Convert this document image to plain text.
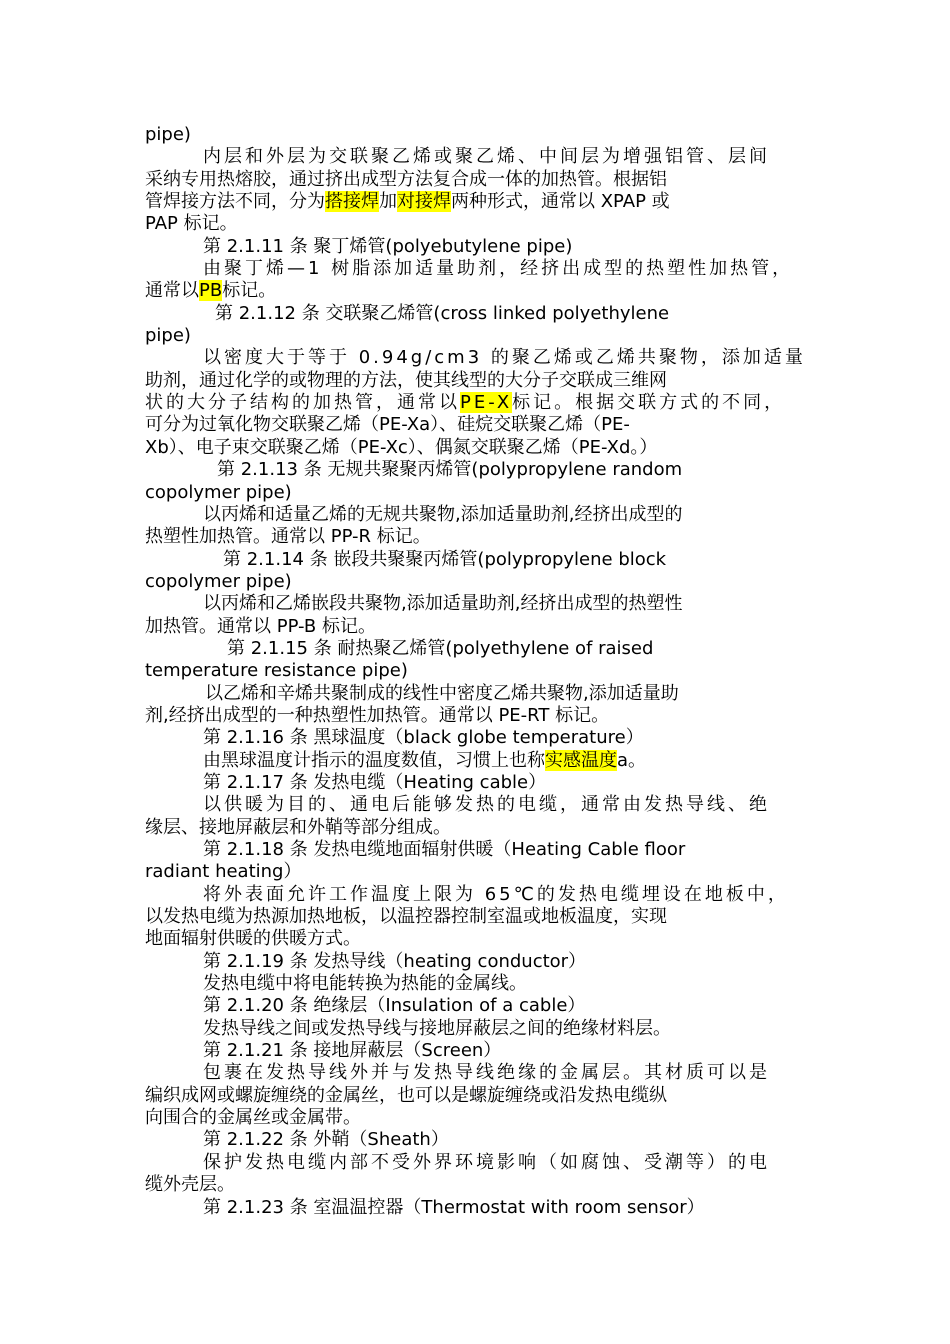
pipe)
内层和外层为交联聚乙烯或聚乙烯、中间层为增强铝管、层间
采纳专用热熔胶，通过挤出成型方法复合成一体的加热管。根据铝
管焊接方法不同，分为搭接焊加对接焊两种形式，通常以 XPAP 或
PAP 标记。
第 2.1.11 条 聚丁烯管(polyebutylene pipe)
由聚丁烯—1 树脂添加适量助剂，经挤出成型的热塑性加热管，
通常以PB标记。
第 2.1.12 条 交联聚乙烯管(cross linked polyethylene
pipe)
以密度大于等于 0.94g/cm3 的聚乙烯或乙烯共聚物，添加适量
助剂，通过化学的或物理的方法，使其线型的大分子交联成三维网
状的大分子结构的加热管，通常以PE-X标记。根据交联方式的不同，
可分为过氧化物交联聚乙烯（PE-Xa）、硅烷交联聚乙烯（PE-
Xb）、电子束交联聚乙烯（PE-Xc）、偶氮交联聚乙烯（PE-Xd。）
第 2.1.13 条 无规共聚聚丙烯管(polypropylene random
copolymer pipe)
以丙烯和适量乙烯的无规共聚物,添加适量助剂,经挤出成型的
热塑性加热管。通常以 PP-R 标记。
第 2.1.14 条 嵌段共聚聚丙烯管(polypropylene block
copolymer pipe)
以丙烯和乙烯嵌段共聚物,添加适量助剂,经挤出成型的热塑性
加热管。通常以 PP-B 标记。
第 2.1.15 条 耐热聚乙烯管(polyethylene of raised
temperature resistance pipe)
以乙烯和辛烯共聚制成的线性中密度乙烯共聚物,添加适量助
剂,经挤出成型的一种热塑性加热管。通常以 PE-RT 标记。
第 2.1.16 条 黑球温度（black globe temperature）
由黑球温度计指示的温度数值，习惯上也称实感温度a。
第 2.1.17 条 发热电缆（Heating cable）
以供暖为目的、通电后能够发热的电缆，通常由发热导线、绝
缘层、接地屏蔽层和外鞘等部分组成。
第 2.1.18 条 发热电缆地面辐射供暖（Heating Cable floor
radiant heating）
将外表面允许工作温度上限为 65℃的发热电缆埋设在地板中，
以发热电缆为热源加热地板，以温控器控制室温或地板温度，实现
地面辐射供暖的供暖方式。
第 2.1.19 条 发热导线（heating conductor）
发热电缆中将电能转换为热能的金属线。
第 2.1.20 条 绝缘层（Insulation of a cable）
发热导线之间或发热导线与接地屏蔽层之间的绝缘材料层。
第 2.1.21 条 接地屏蔽层（Screen）
包裹在发热导线外并与发热导线绝缘的金属层。其材质可以是
编织成网或螺旋缠绕的金属丝，也可以是螺旋缠绕或沿发热电缆纵
向围合的金属丝或金属带。
第 2.1.22 条 外鞘（Sheath）
保护发热电缆内部不受外界环境影响（如腐蚀、受潮等）的电
缆外壳层。
第 2.1.23 条 室温温控器（Thermostat with room sensor）
